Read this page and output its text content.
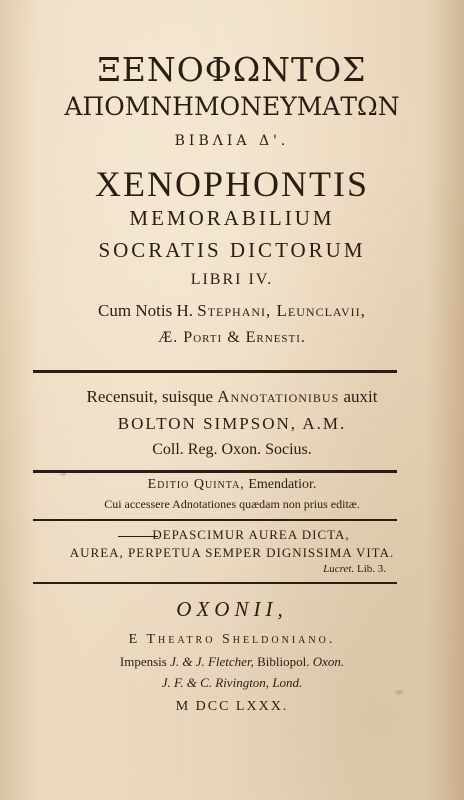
ΞΕΝΟΦΩΝΤΟΣ
ΑΠΟΜΝΗΜΟΝΕΥΜΑΤΩΝ
ΒΙΒΛΙΑ Δ'.
XENOPHONTIS
MEMORABILIUM
SOCRATIS DICTORUM
LIBRI IV.
Cum Notis H. Stephani, Leunclavii,
Æ. Porti & Ernesti.
Recensuit, suisque Annotationibus auxit
BOLTON SIMPSON, A.M.
Coll. Reg. Oxon. Socius.
Editio Quinta, Emendatior.
Cui accessere Adnotationes quædam non prius editæ.
DEPASCIMUR AUREA DICTA,
AUREA, PERPETUA SEMPER DIGNISSIMA VITA.
Lucret. Lib. 3.
OXONII,
E Theatro Sheldoniano.
Impensis J. & J. Fletcher, Bibliopol. Oxon.
J. F. & C. Rivington, Lond.
M DCC LXXX.
